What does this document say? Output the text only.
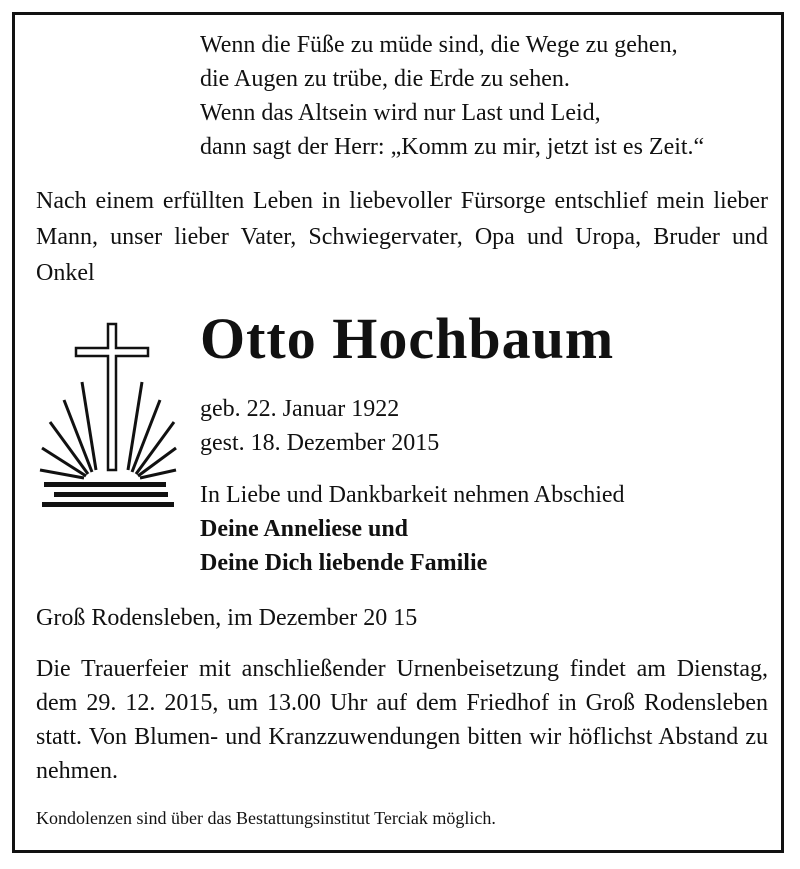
Wenn die Füße zu müde sind, die Wege zu gehen,
die Augen zu trübe, die Erde zu sehen.
Wenn das Altsein wird nur Last und Leid,
dann sagt der Herr: „Komm zu mir, jetzt ist es Zeit.“
Nach einem erfüllten Leben in liebevoller Fürsorge entschlief mein lieber Mann, unser lieber Vater, Schwiegervater, Opa und Uropa, Bruder und Onkel
Otto Hochbaum
geb. 22. Januar 1922
gest. 18. Dezember 2015
In Liebe und Dankbarkeit nehmen Abschied
Deine Anneliese und
Deine Dich liebende Familie
Groß Rodensleben, im Dezember 20 15
Die Trauerfeier mit anschließender Urnenbeisetzung findet am Dienstag, dem 29. 12. 2015, um 13.00 Uhr auf dem Friedhof in Groß Rodensleben statt. Von Blumen- und Kranzzuwendungen bitten wir höflichst Abstand zu nehmen.
Kondolenzen sind über das Bestattungsinstitut Terciak möglich.
